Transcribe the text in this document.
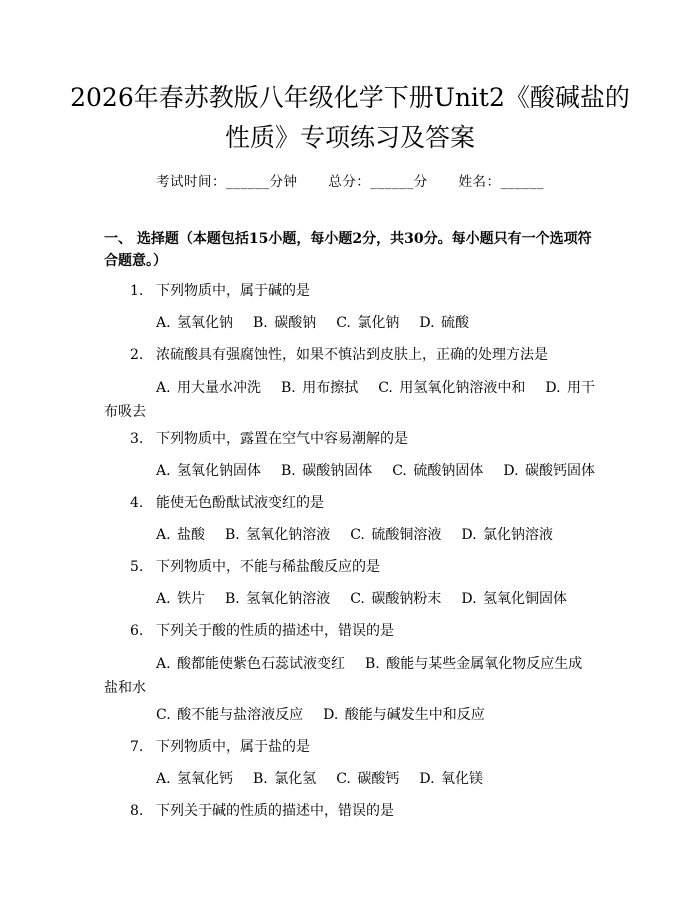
2026年春苏教版八年级化学下册Unit2《酸碱盐的性质》专项练习及答案
考试时间：______分钟 总分：______分 姓名：______
一、 选择题（本题包括15小题，每小题2分，共30分。每小题只有一个选项符合题意。）
1. 下列物质中，属于碱的是
A. 氢氧化钠 B. 碳酸钠 C. 氯化钠 D. 硫酸
2. 浓硫酸具有强腐蚀性，如果不慎沾到皮肤上，正确的处理方法是
A. 用大量水冲洗 B. 用布擦拭 C. 用氢氧化钠溶液中和 D. 用干布吸去
3. 下列物质中，露置在空气中容易潮解的是
A. 氢氧化钠固体 B. 碳酸钠固体 C. 硫酸钠固体 D. 碳酸钙固体
4. 能使无色酚酞试液变红的是
A. 盐酸 B. 氢氧化钠溶液 C. 硫酸铜溶液 D. 氯化钠溶液
5. 下列物质中，不能与稀盐酸反应的是
A. 铁片 B. 氢氧化钠溶液 C. 碳酸钠粉末 D. 氢氧化铜固体
6. 下列关于酸的性质的描述中，错误的是
A. 酸都能使紫色石蕊试液变红 B. 酸能与某些金属氧化物反应生成盐和水
C. 酸不能与盐溶液反应 D. 酸能与碱发生中和反应
7. 下列物质中，属于盐的是
A. 氢氧化钙 B. 氯化氢 C. 碳酸钙 D. 氧化镁
8. 下列关于碱的性质的描述中，错误的是
